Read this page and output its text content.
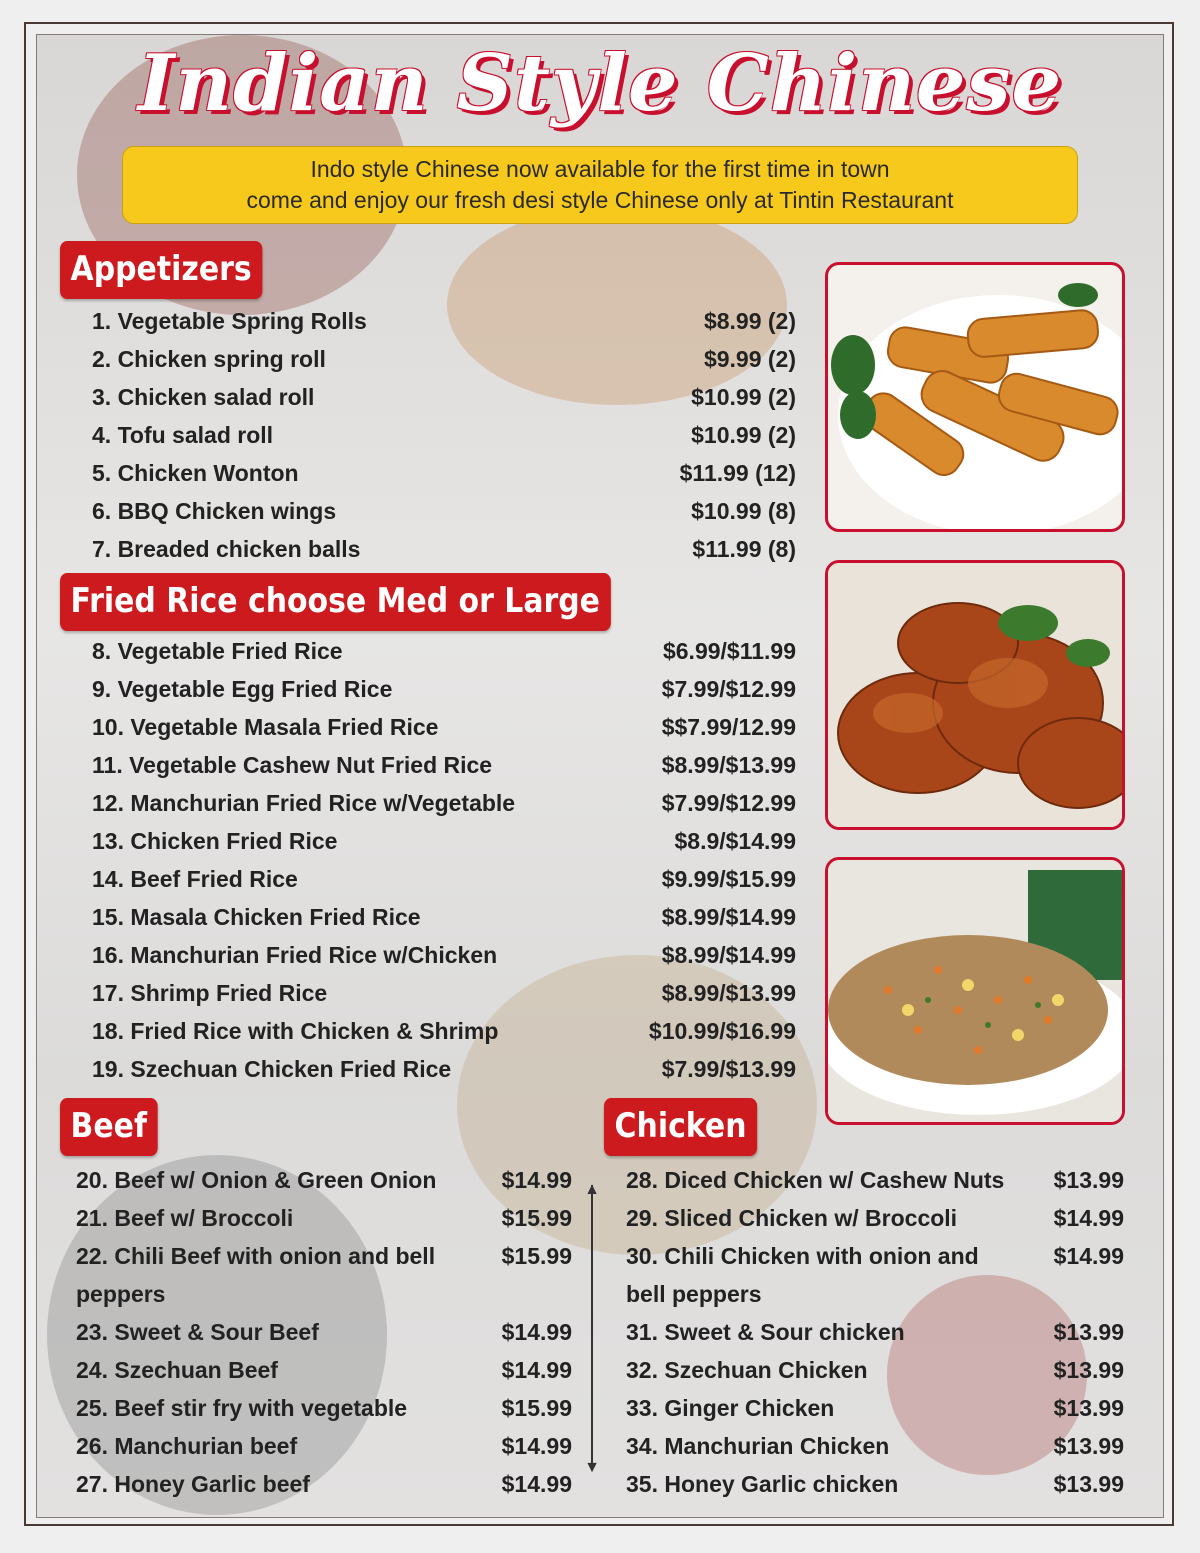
Indian Style Chinese
Indo style Chinese now available for the first time in town
come and enjoy our fresh desi style Chinese only at Tintin Restaurant
Appetizers
Fried Rice choose Med or Large
Beef	Chicken
1. Vegetable Spring Rolls	$8.99 (2)
2. Chicken spring roll	$9.99 (2)
3. Chicken salad roll	$10.99 (2)
4. Tofu salad roll	$10.99 (2)
5. Chicken Wonton	$11.99 (12)
6. BBQ Chicken wings	$10.99 (8)
7. Breaded chicken balls	$11.99 (8)
8. Vegetable Fried Rice	$6.99/$11.99
9. Vegetable Egg Fried Rice	$7.99/$12.99
10. Vegetable Masala Fried Rice	$$7.99/12.99
11. Vegetable Cashew Nut Fried Rice	$8.99/$13.99
12. Manchurian Fried Rice w/Vegetable	$7.99/$12.99
13. Chicken Fried Rice	$8.9/$14.99
14. Beef Fried Rice	$9.99/$15.99
15. Masala Chicken Fried Rice	$8.99/$14.99
16. Manchurian Fried Rice w/Chicken	$8.99/$14.99
17. Shrimp Fried Rice	$8.99/$13.99
18. Fried Rice with Chicken & Shrimp	$10.99/$16.99
19. Szechuan Chicken Fried Rice	$7.99/$13.99
20. Beef w/ Onion & Green Onion	$14.99
21. Beef w/ Broccoli	$15.99
22. Chili Beef with onion and bell peppers
$15.99
23. Sweet & Sour Beef	$14.99
24. Szechuan Beef	$14.99
25. Beef stir fry with vegetable	$15.99
26. Manchurian beef	$14.99
27. Honey Garlic beef	$14.99
28. Diced Chicken w/ Cashew Nuts	$13.99
29. Sliced Chicken w/ Broccoli	$14.99
30. Chili Chicken with onion and bell peppers
$14.99
31. Sweet & Sour chicken	$13.99
32. Szechuan Chicken	$13.99
33. Ginger Chicken	$13.99
34. Manchurian Chicken	$13.99
35. Honey Garlic chicken	$13.99
▲
▼
